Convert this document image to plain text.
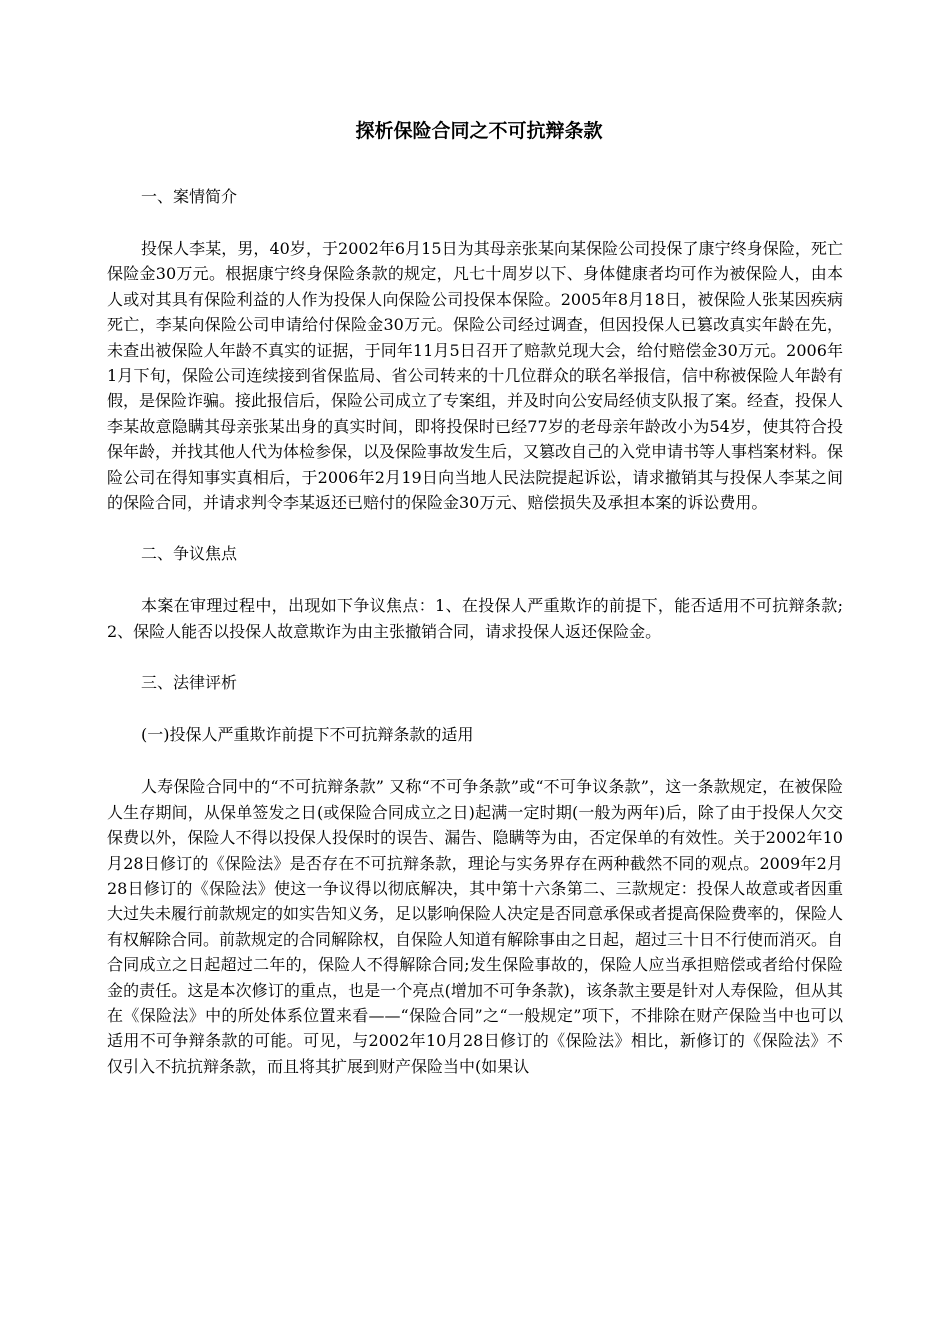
探析保险合同之不可抗辩条款
一、案情简介
投保人李某，男，40岁，于2002年6月15日为其母亲张某向某保险公司投保了康宁终身保险，死亡保险金30万元。根据康宁终身保险条款的规定，凡七十周岁以下、身体健康者均可作为被保险人，由本人或对其具有保险利益的人作为投保人向保险公司投保本保险。2005年8月18日，被保险人张某因疾病死亡，李某向保险公司申请给付保险金30万元。保险公司经过调查，但因投保人已篡改真实年龄在先，未查出被保险人年龄不真实的证据，于同年11月5日召开了赔款兑现大会，给付赔偿金30万元。2006年1月下旬，保险公司连续接到省保监局、省公司转来的十几位群众的联名举报信，信中称被保险人年龄有假，是保险诈骗。接此报信后，保险公司成立了专案组，并及时向公安局经侦支队报了案。经查，投保人李某故意隐瞒其母亲张某出身的真实时间，即将投保时已经77岁的老母亲年龄改小为54岁，使其符合投保年龄，并找其他人代为体检参保，以及保险事故发生后，又篡改自己的入党申请书等人事档案材料。保险公司在得知事实真相后，于2006年2月19日向当地人民法院提起诉讼，请求撤销其与投保人李某之间的保险合同，并请求判令李某返还已赔付的保险金30万元、赔偿损失及承担本案的诉讼费用。
二、争议焦点
本案在审理过程中，出现如下争议焦点：1、在投保人严重欺诈的前提下，能否适用不可抗辩条款;2、保险人能否以投保人故意欺诈为由主张撤销合同，请求投保人返还保险金。
三、法律评析
(一)投保人严重欺诈前提下不可抗辩条款的适用
人寿保险合同中的“不可抗辩条款” 又称“不可争条款”或“不可争议条款”，这一条款规定，在被保险人生存期间，从保单签发之日(或保险合同成立之日)起满一定时期(一般为两年)后，除了由于投保人欠交保费以外，保险人不得以投保人投保时的误告、漏告、隐瞒等为由，否定保单的有效性。关于2002年10月28日修订的《保险法》是否存在不可抗辩条款，理论与实务界存在两种截然不同的观点。2009年2月28日修订的《保险法》使这一争议得以彻底解决，其中第十六条第二、三款规定：投保人故意或者因重大过失未履行前款规定的如实告知义务，足以影响保险人决定是否同意承保或者提高保险费率的，保险人有权解除合同。前款规定的合同解除权，自保险人知道有解除事由之日起，超过三十日不行使而消灭。自合同成立之日起超过二年的，保险人不得解除合同;发生保险事故的，保险人应当承担赔偿或者给付保险金的责任。这是本次修订的重点，也是一个亮点(增加不可争条款)，该条款主要是针对人寿保险，但从其在《保险法》中的所处体系位置来看——“保险合同”之“一般规定”项下，不排除在财产保险当中也可以适用不可争辩条款的可能。可见，与2002年10月28日修订的《保险法》相比，新修订的《保险法》不仅引入不抗抗辩条款，而且将其扩展到财产保险当中(如果认
